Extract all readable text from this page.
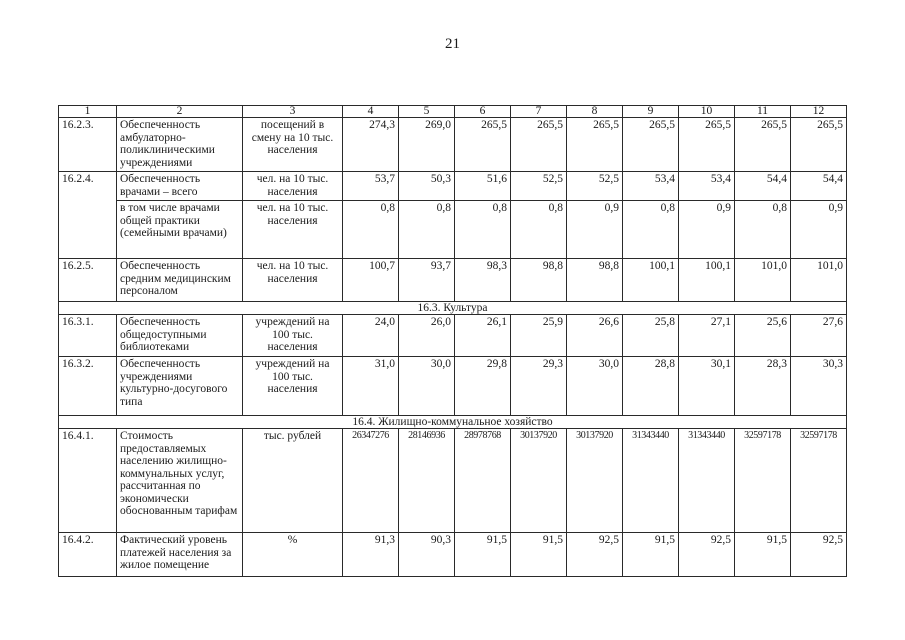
21
1	2	3	4	5	6	7	8	9	10	11	12
16.2.3.	Обеспеченность амбулаторно-поликлиническими учреждениями	посещений в смену на 10 тыс. населения	274,3	269,0	265,5	265,5	265,5	265,5	265,5	265,5	265,5
16.2.4.	Обеспеченность врачами – всего	чел. на 10 тыс. населения	53,7	50,3	51,6	52,5	52,5	53,4	53,4	54,4	54,4
	в том числе врачами общей практики (семейными врачами)	чел. на 10 тыс. населения	0,8	0,8	0,8	0,8	0,9	0,8	0,9	0,8	0,9
16.2.5.	Обеспеченность средним медицинским персоналом	чел. на 10 тыс. населения	100,7	93,7	98,3	98,8	98,8	100,1	100,1	101,0	101,0
16.3. Культура											
16.3.1.	Обеспеченность общедоступными библиотеками	учреждений на 100 тыс. населения	24,0	26,0	26,1	25,9	26,6	25,8	27,1	25,6	27,6
16.3.2.	Обеспеченность учреждениями культурно-досугового типа	учреждений на 100 тыс. населения	31,0	30,0	29,8	29,3	30,0	28,8	30,1	28,3	30,3
16.4. Жилищно-коммунальное хозяйство											
16.4.1.	Стоимость предоставляемых населению жилищно-коммунальных услуг, рассчитанная по экономически обоснованным тарифам	тыс. рублей	26347276	28146936	28978768	30137920	30137920	31343440	31343440	32597178	32597178
16.4.2.	Фактический уровень платежей населения за жилое помещение	%	91,3	90,3	91,5	91,5	92,5	91,5	92,5	91,5	92,5
